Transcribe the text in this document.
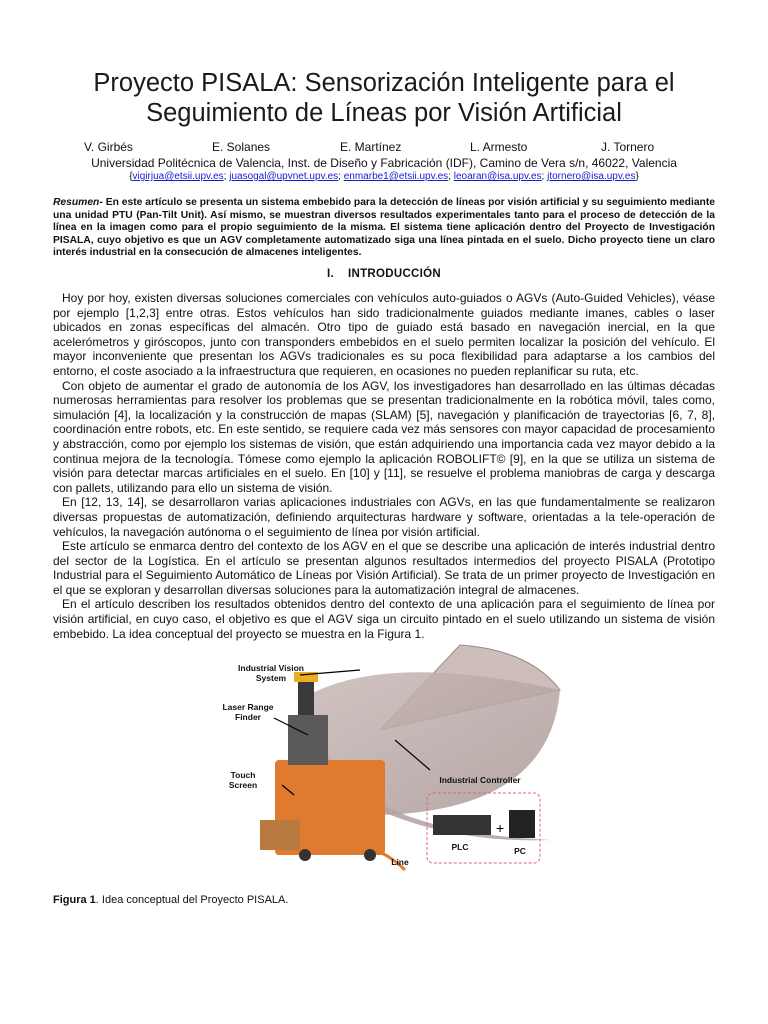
Proyecto PISALA: Sensorización Inteligente para el Seguimiento de Líneas por Visión Artificial
V. Girbés	E. Solanes	E. Martínez	L. Armesto	J. Tornero
Universidad Politécnica de Valencia, Inst. de Diseño y Fabricación (IDF), Camino de Vera s/n, 46022, Valencia
{vigirjua@etsii.upv.es; juasogal@upvnet.upv.es; enmarbe1@etsii.upv.es; leoaran@isa.upv.es; jtornero@isa.upv.es}
Resumen- En este artículo se presenta un sistema embebido para la detección de líneas por visión artificial y su seguimiento mediante una unidad PTU (Pan-Tilt Unit). Así mismo, se muestran diversos resultados experimentales tanto para el proceso de detección de la línea en la imagen como para el propio seguimiento de la misma. El sistema tiene aplicación dentro del Proyecto de Investigación PISALA, cuyo objetivo es que un AGV completamente automatizado siga una línea pintada en el suelo. Dicho proyecto tiene un claro interés industrial en la consecución de almacenes inteligentes.
I. INTRODUCCIÓN

Hoy por hoy, existen diversas soluciones comerciales con vehículos auto-guiados o AGVs (Auto-Guided Vehicles), véase por ejemplo [1,2,3] entre otras. Estos vehículos han sido tradicionalmente guiados mediante imanes, cables o laser ubicados en zonas específicas del almacén. Otro tipo de guiado está basado en navegación inercial, en la que acelerómetros y giróscopos, junto con transponders embebidos en el suelo permiten localizar la posición del vehículo. El mayor inconveniente que presentan los AGVs tradicionales es su poca flexibilidad para adaptarse a los cambios del entorno, el coste asociado a la infraestructura que requieren, en ocasiones no pueden replanificar su ruta, etc.

Con objeto de aumentar el grado de autonomía de los AGV, los investigadores han desarrollado en las últimas décadas numerosas herramientas para resolver los problemas que se presentan tradicionalmente en la robótica móvil, tales como, simulación [4], la localización y la construcción de mapas (SLAM) [5], navegación y planificación de trayectorias [6, 7, 8], coordinación entre robots, etc. En este sentido, se requiere cada vez más sensores con mayor capacidad de procesamiento y abstracción, como por ejemplo los sistemas de visión, que están adquiriendo una importancia cada vez mayor debido a la continua mejora de la tecnología. Tómese como ejemplo la aplicación ROBOLIFT© [9], en la que se utiliza un sistema de visión para detectar marcas artificiales en el suelo. En [10] y [11], se resuelve el problema maniobras de carga y descarga con pallets, utilizando para ello un sistema de visión.

En [12, 13, 14], se desarrollaron varias aplicaciones industriales con AGVs, en las que fundamentalmente se realizaron diversas propuestas de automatización, definiendo arquitecturas hardware y software, orientadas a la tele-operación de vehículos, la navegación autónoma o el seguimiento de línea por visión artificial.

Este artículo se enmarca dentro del contexto de los AGV en el que se describe una aplicación de interés industrial dentro del sector de la Logística. En el artículo se presentan algunos resultados intermedios del proyecto PISALA (Prototipo Industrial para el Seguimiento Automático de Líneas por Visión Artificial). Se trata de un primer proyecto de Investigación en el que se exploran y desarrollan diversas soluciones para la automatización integral de almacenes.

En el artículo describen los resultados obtenidos dentro del contexto de una aplicación para el seguimiento de línea por visión artificial, en cuyo caso, el objetivo es que el AGV siga un circuito pintado en el suelo utilizando un sistema de visión embebido. La idea conceptual del proyecto se muestra en la Figura 1.

+
Industrial Vision System
Laser Range Finder
Touch Screen	Industrial Controller
PLC	PC
Line
Figura 1. Idea conceptual del Proyecto PISALA.
